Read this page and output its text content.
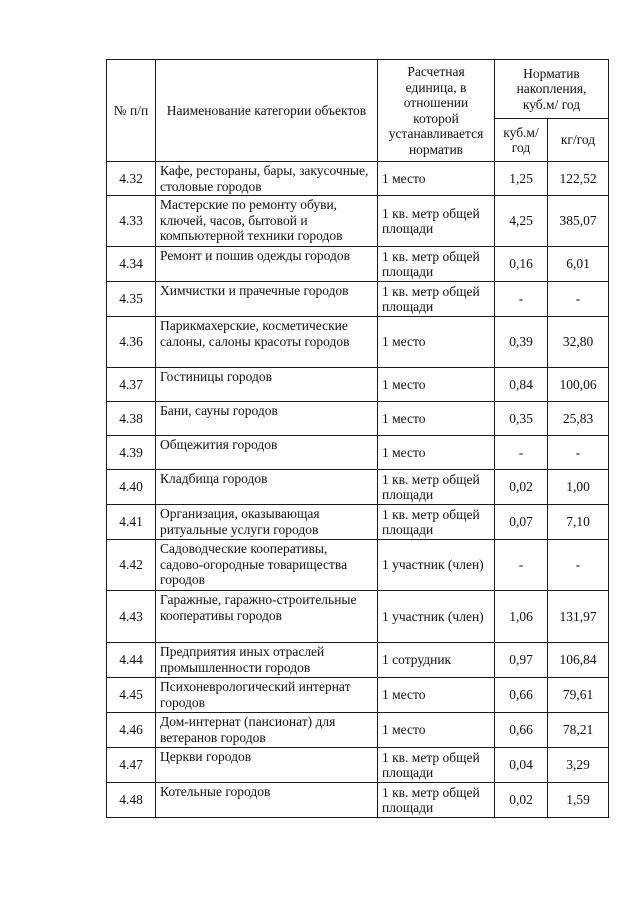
№ п/п	Наименование категории объектов	Расчетная единица, в отношении которой устанавливается норматив	Норматив накопления, куб.м/ год	
			куб.м/ год	кг/год
4.32	Кафе, рестораны, бары, закусочные, столовые городов	1 место	1,25	122,52
4.33	Мастерские по ремонту обуви, ключей, часов, бытовой и компьютерной техники городов	1 кв. метр общей площади	4,25	385,07
4.34	Ремонт и пошив одежды городов	1 кв. метр общей площади	0,16	6,01
4.35	Химчистки и прачечные городов	1 кв. метр общей площади	-	-
4.36	Парикмахерские, косметические салоны, салоны красоты городов	1 место	0,39	32,80
4.37	Гостиницы городов	1 место	0,84	100,06
4.38	Бани, сауны городов	1 место	0,35	25,83
4.39	Общежития городов	1 место	-	-
4.40	Кладбища городов	1 кв. метр общей площади	0,02	1,00
4.41	Организация, оказывающая ритуальные услуги городов	1 кв. метр общей площади	0,07	7,10
4.42	Садоводческие кооперативы, садово-огородные товарищества городов	1 участник (член)	-	-
4.43	Гаражные, гаражно-строительные кооперативы городов	1 участник (член)	1,06	131,97
4.44	Предприятия иных отраслей промышленности городов	1 сотрудник	0,97	106,84
4.45	Психоневрологический интернат городов	1 место	0,66	79,61
4.46	Дом-интернат (пансионат) для ветеранов городов	1 место	0,66	78,21
4.47	Церкви городов	1 кв. метр общей площади	0,04	3,29
4.48	Котельные городов	1 кв. метр общей площади	0,02	1,59
